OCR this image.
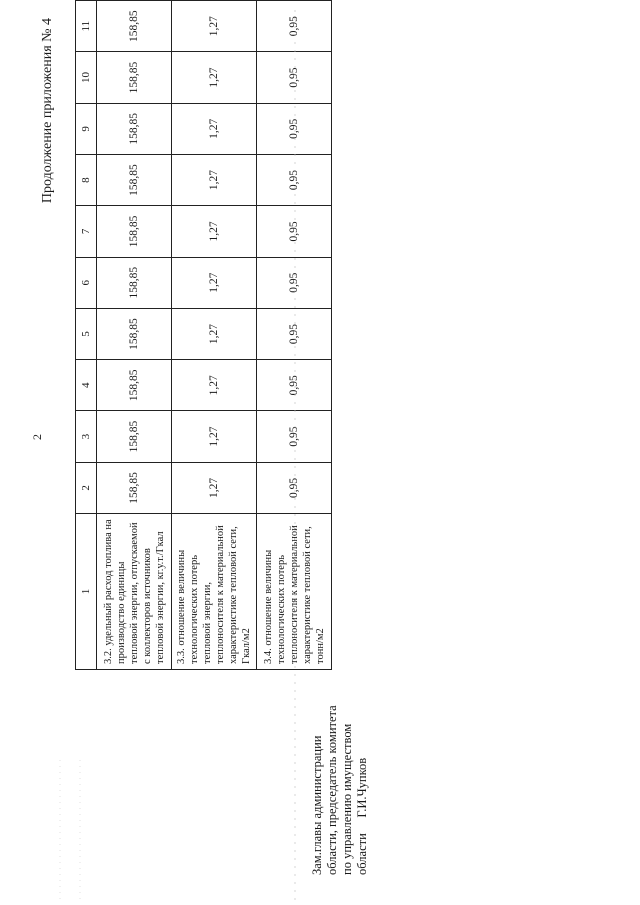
2
Продолжение приложения № 4
1	2	3	4	5	6	7	8	9	10	11
3.2. удельный расход топлива на производство единицы тепловой энергии, отпускаемой с коллекторов источников тепловой энергии, кг.у.т./Гкал	158,85	158,85	158,85	158,85	158,85	158,85	158,85	158,85	158,85	158,85
3.3. отношение величины технологических потерь тепловой энергии, теплоносителя к материальной характеристике тепловой сети, Гкал/м2	1,27	1,27	1,27	1,27	1,27	1,27	1,27	1,27	1,27	1,27
3.4. отношение величины технологических потерь теплоносителя к материальной характеристике тепловой сети, тонн/м2	0,95	0,95	0,95	0,95	0,95	0,95	0,95	0,95	0,95	0,95
Зам.главы администрации области, председатель комитета по управлению имуществом области     Г.И.Чупков
